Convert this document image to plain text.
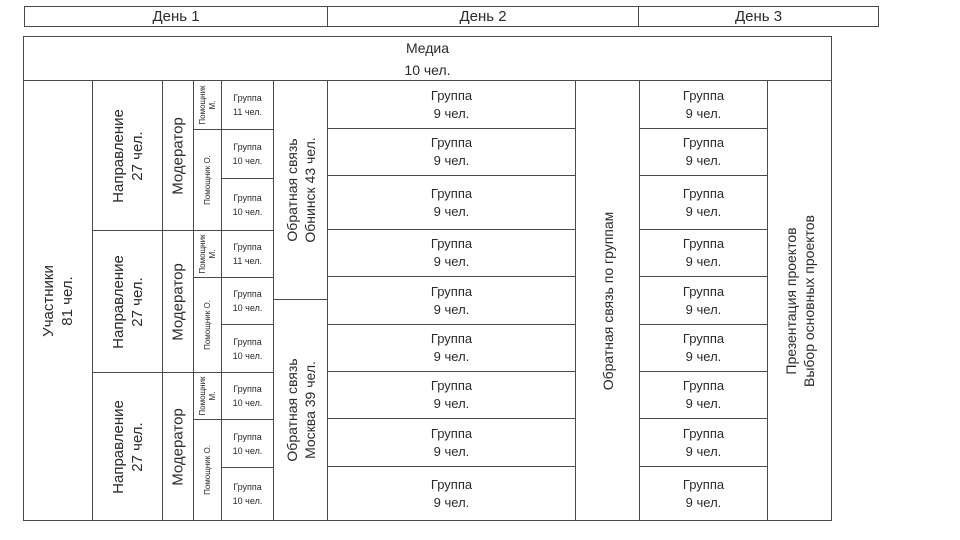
День 1	День 2	День 3
Медиа
10 чел.
Участники
81 чел.
Направление
27 чел.
Направление
27 чел.
Направление
27 чел.
Модератор
Модератор
Модератор
Помощник
М.
Помощник О.
Помощник
М.
Помощник О.
Помощник
М.
Помощник О.
Группа
11 чел.
Группа
10 чел.
Группа
10 чел.
Группа
11 чел.
Группа
10 чел.
Группа
10 чел.
Группа
10 чел.
Группа
10 чел.
Группа
10 чел.
Обратная связь
Обнинск 43 чел.
Обратная связь
Москва 39 чел.
Группа
9 чел.
Группа
9 чел.
Группа
9 чел.
Группа
9 чел.
Группа
9 чел.
Группа
9 чел.
Группа
9 чел.
Группа
9 чел.
Группа
9 чел.
Обратная связь по группам
Группа
9 чел.
Группа
9 чел.
Группа
9 чел.
Группа
9 чел.
Группа
9 чел.
Группа
9 чел.
Группа
9 чел.
Группа
9 чел.
Группа
9 чел.
Презентация проектов
Выбор основных проектов
